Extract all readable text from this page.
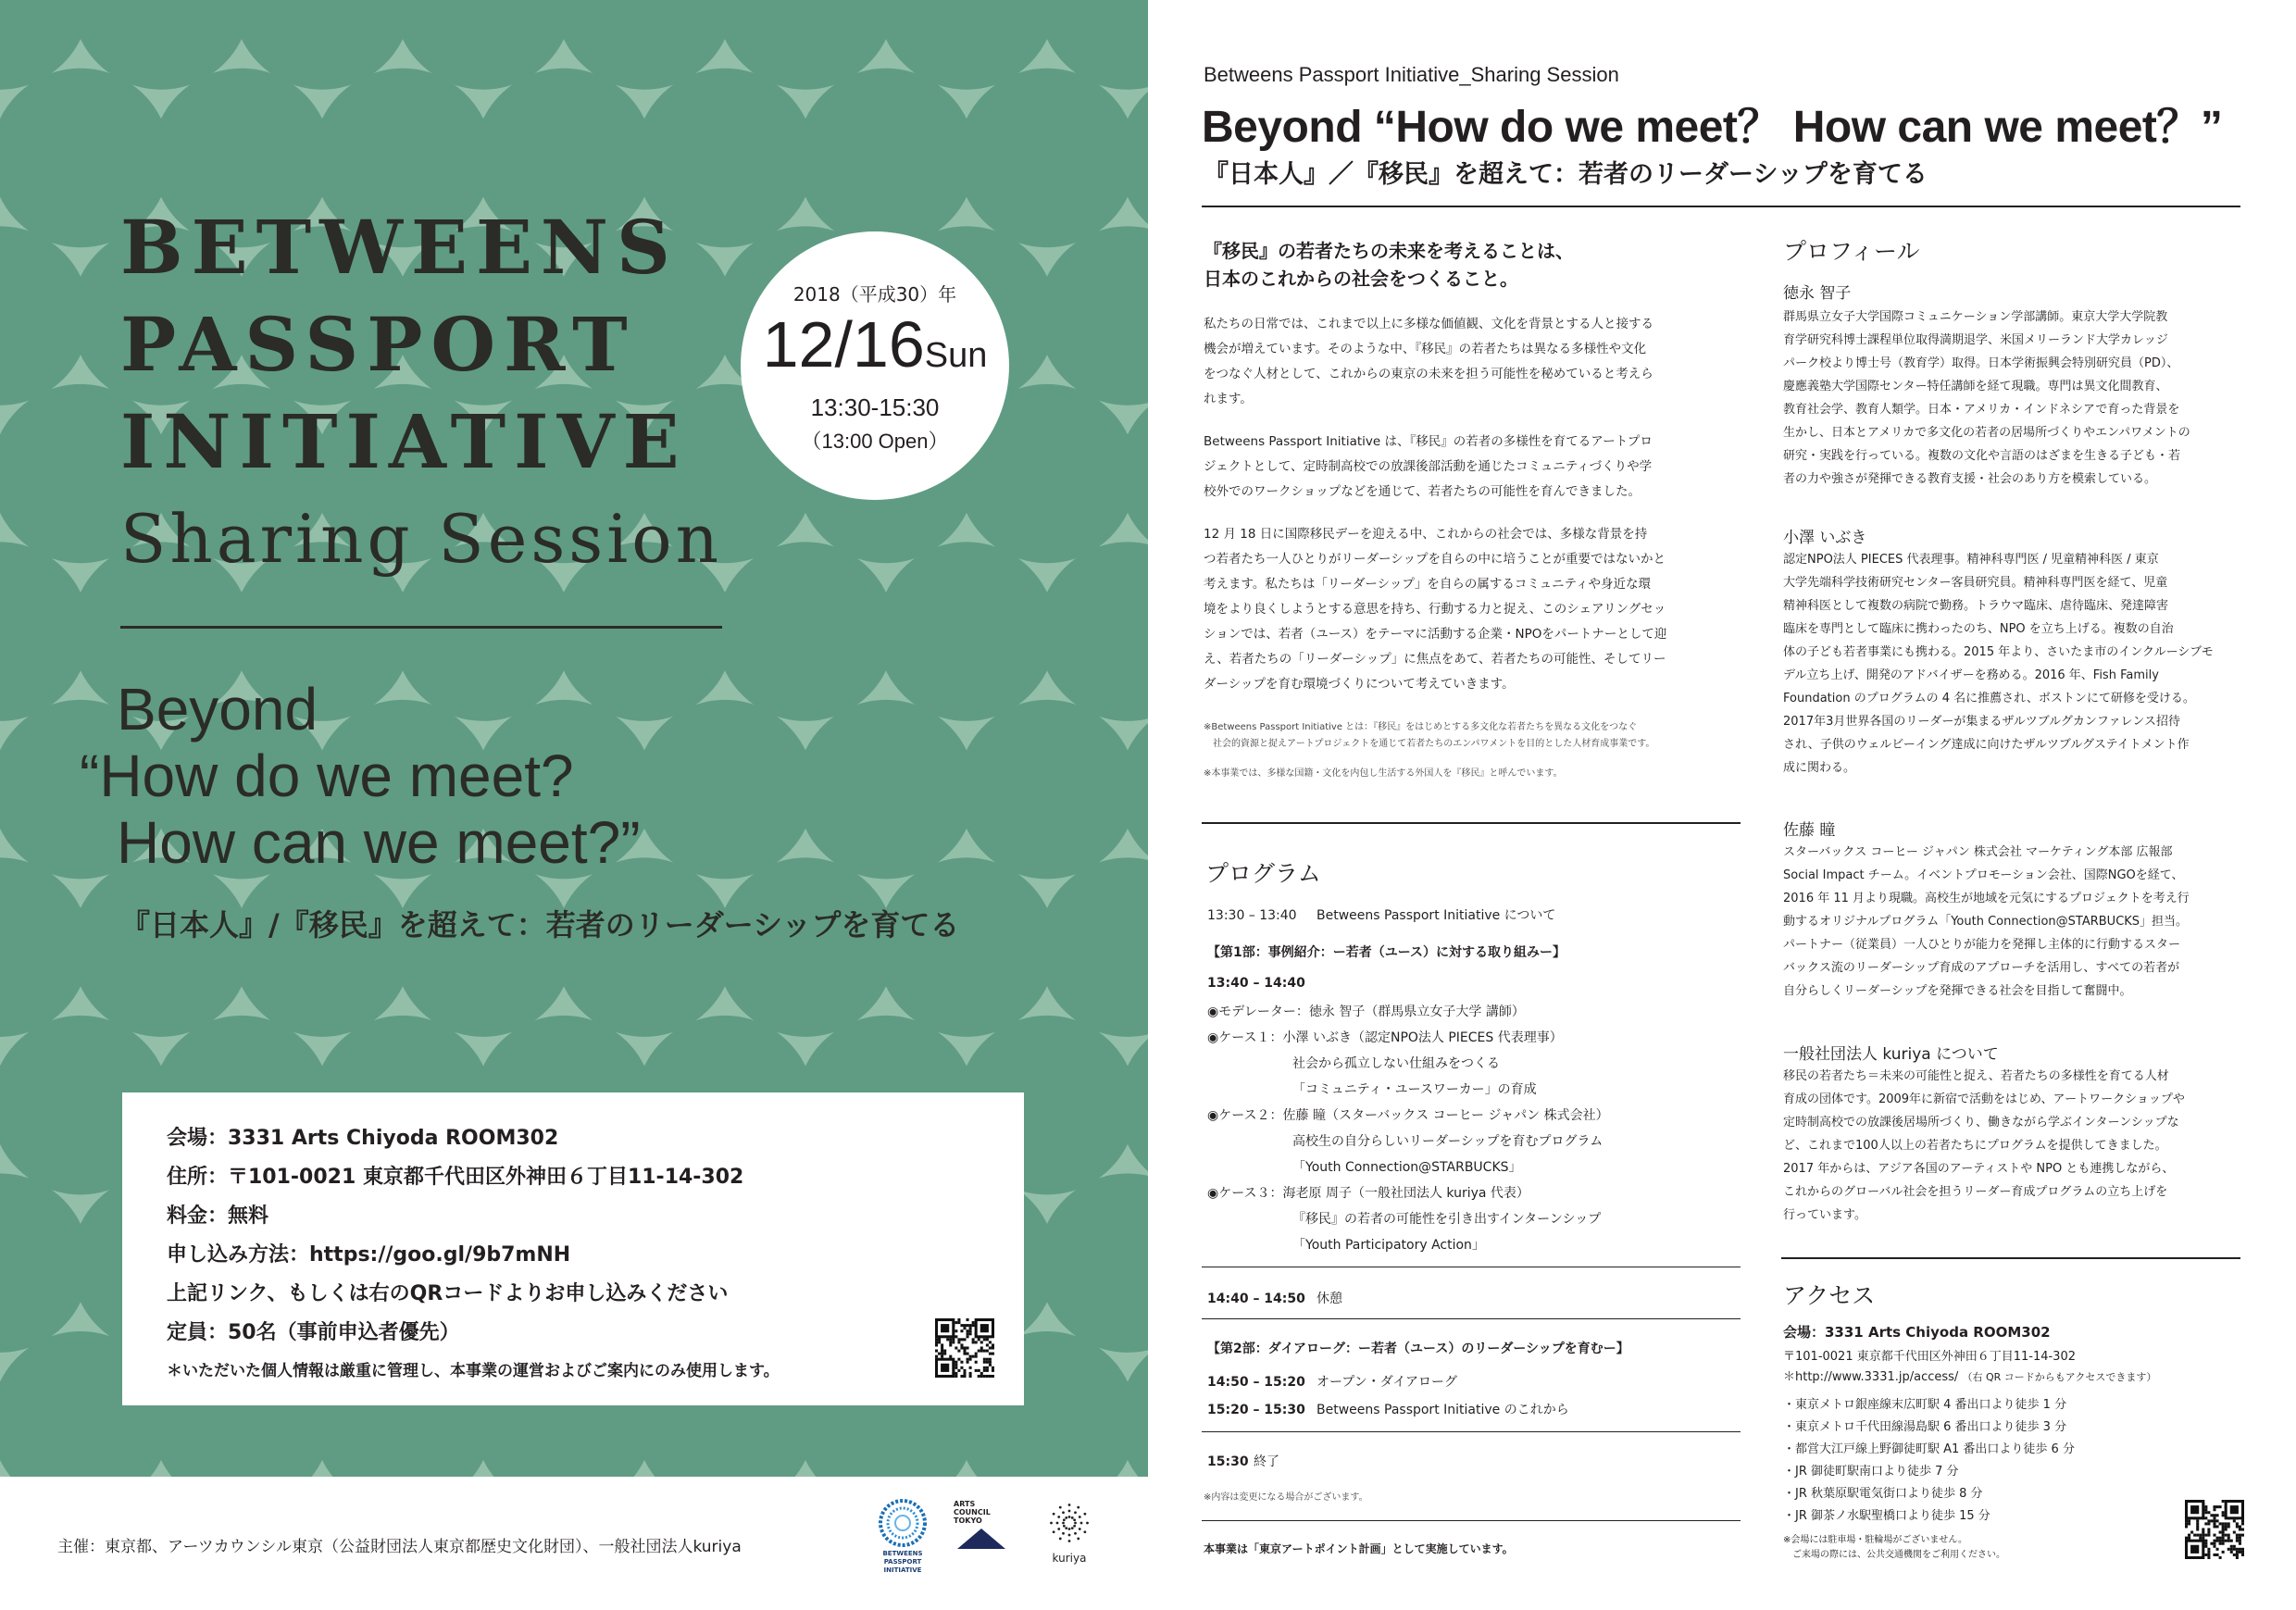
BETWEENS
PASSPORT
INITIATIVE
Sharing Session
2018（平成30）年
12/16Sun
13:30-15:30
（13:00 Open）
Beyond
“How do we meet?
How can we meet?”
『日本人』/『移民』を超えて：若者のリーダーシップを育てる
会場：3331 Arts Chiyoda ROOM302
住所：〒101-0021 東京都千代田区外神田６丁目11-14-302
料金：無料
申し込み方法：https://goo.gl/9b7mNH
上記リンク、もしくは右のQRコードよりお申し込みください
定員：50名（事前申込者優先）
＊いただいた個人情報は厳重に管理し、本事業の運営およびご案内にのみ使用します。
主催：東京都、アーツカウンシル東京（公益財団法人東京都歴史文化財団）、一般社団法人kuriya	BETWEENS
PASSPORT
INITIATIVE
ARTS
COUNCIL
TOKYO
kuriya
Betweens Passport Initiative_Sharing Session
Beyond “How do we meet？ How can we meet？”
『日本人』／『移民』を超えて：若者のリーダーシップを育てる
『移民』の若者たちの未来を考えることは、
日本のこれからの社会をつくること。
私たちの日常では、これまで以上に多様な価値観、文化を背景とする人と接する
機会が増えています。そのような中、『移民』の若者たちは異なる多様性や文化
をつなぐ人材として、これからの東京の未来を担う可能性を秘めていると考えら
れます。
Betweens Passport Initiative は、『移民』の若者の多様性を育てるアートプロ
ジェクトとして、定時制高校での放課後部活動を通じたコミュニティづくりや学
校外でのワークショップなどを通じて、若者たちの可能性を育んできました。
12 月 18 日に国際移民デーを迎える中、これからの社会では、多様な背景を持
つ若者たち一人ひとりがリーダーシップを自らの中に培うことが重要ではないかと
考えます。私たちは「リーダーシップ」を自らの属するコミュニティや身近な環
境をより良くしようとする意思を持ち、行動する力と捉え、このシェアリングセッ
ションでは、若者（ユース）をテーマに活動する企業・NPOをパートナーとして迎
え、若者たちの「リーダーシップ」に焦点をあて、若者たちの可能性、そしてリー
ダーシップを育む環境づくりについて考えていきます。
※Betweens Passport Initiative とは：『移民』をはじめとする多文化な若者たちを異なる文化をつなぐ
　社会的資源と捉えアートプロジェクトを通じて若者たちのエンパワメントを目的とした人材育成事業です。
※本事業では、多様な国籍・文化を内包し生活する外国人を『移民』と呼んでいます。
プログラム
13:30 – 13:40 Betweens Passport Initiative について
【第1部：事例紹介：ー若者（ユース）に対する取り組みー】
13:40 – 14:40
◉モデレーター：徳永 智子（群馬県立女子大学 講師）
◉ケース１：小澤 いぶき（認定NPO法人 PIECES 代表理事）
社会から孤立しない仕組みをつくる
「コミュニティ・ユースワーカー」の育成
◉ケース２：佐藤 瞳（スターバックス コーヒー ジャパン 株式会社）
高校生の自分らしいリーダーシップを育むプログラム
「Youth Connection@STARBUCKS」
◉ケース３：海老原 周子（一般社団法人 kuriya 代表）
『移民』の若者の可能性を引き出すインターンシップ
「Youth Participatory Action」
14:40 – 14:50 休憩
【第2部：ダイアローグ：ー若者（ユース）のリーダーシップを育むー】
14:50 – 15:20 オープン・ダイアローグ
15:20 – 15:30 Betweens Passport Initiative のこれから
15:30 終了
※内容は変更になる場合がございます。
本事業は「東京アートポイント計画」として実施しています。
プロフィール
徳永 智子
群馬県立女子大学国際コミュニケーション学部講師。東京大学大学院教
育学研究科博士課程単位取得満期退学、米国メリーランド大学カレッジ
パーク校より博士号（教育学）取得。日本学術振興会特別研究員（PD）、
慶應義塾大学国際センター特任講師を経て現職。専門は異文化間教育、
教育社会学、教育人類学。日本・アメリカ・インドネシアで育った背景を
生かし、日本とアメリカで多文化の若者の居場所づくりやエンパワメントの
研究・実践を行っている。複数の文化や言語のはざまを生きる子ども・若
者の力や強さが発揮できる教育支援・社会のあり方を模索している。
小澤 いぶき
認定NPO法人 PIECES 代表理事。精神科専門医 / 児童精神科医 / 東京
大学先端科学技術研究センター客員研究員。精神科専門医を経て、児童
精神科医として複数の病院で勤務。トラウマ臨床、虐待臨床、発達障害
臨床を専門として臨床に携わったのち、NPO を立ち上げる。複数の自治
体の子ども若者事業にも携わる。2015 年より、さいたま市のインクルーシブモ
デル立ち上げ、開発のアドバイザーを務める。2016 年、Fish Family
Foundation のプログラムの 4 名に推薦され、ボストンにて研修を受ける。
2017年3月世界各国のリーダーが集まるザルツブルグカンファレンス招待
され、子供のウェルビーイング達成に向けたザルツブルグステイトメント作
成に関わる。
佐藤 瞳
スターバックス コーヒー ジャパン 株式会社 マーケティング本部 広報部
Social Impact チーム。イベントプロモーション会社、国際NGOを経て、
2016 年 11 月より現職。高校生が地域を元気にするプロジェクトを考え行
動するオリジナルプログラム「Youth Connection@STARBUCKS」担当。
パートナー（従業員）一人ひとりが能力を発揮し主体的に行動するスター
バックス流のリーダーシップ育成のアプローチを活用し、すべての若者が
自分らしくリーダーシップを発揮できる社会を目指して奮闘中。
一般社団法人 kuriya について
移民の若者たち＝未来の可能性と捉え、若者たちの多様性を育てる人材
育成の団体です。2009年に新宿で活動をはじめ、アートワークショップや
定時制高校での放課後居場所づくり、働きながら学ぶインターンシップな
ど、これまで100人以上の若者たちにプログラムを提供してきました。
2017 年からは、アジア各国のアーティストや NPO とも連携しながら、
これからのグローバル社会を担うリーダー育成プログラムの立ち上げを
行っています。
アクセス
会場：3331 Arts Chiyoda ROOM302
〒101-0021 東京都千代田区外神田６丁目11-14-302
＊http://www.3331.jp/access/ （右 QR コードからもアクセスできます）
・東京メトロ銀座線末広町駅 4 番出口より徒歩 1 分
・東京メトロ千代田線湯島駅 6 番出口より徒歩 3 分
・都営大江戸線上野御徒町駅 A1 番出口より徒歩 6 分
・JR 御徒町駅南口より徒歩 7 分
・JR 秋葉原駅電気街口より徒歩 8 分
・JR 御茶ノ水駅聖橋口より徒歩 15 分
※会場には駐車場・駐輪場がございません。
　ご来場の際には、公共交通機関をご利用ください。
